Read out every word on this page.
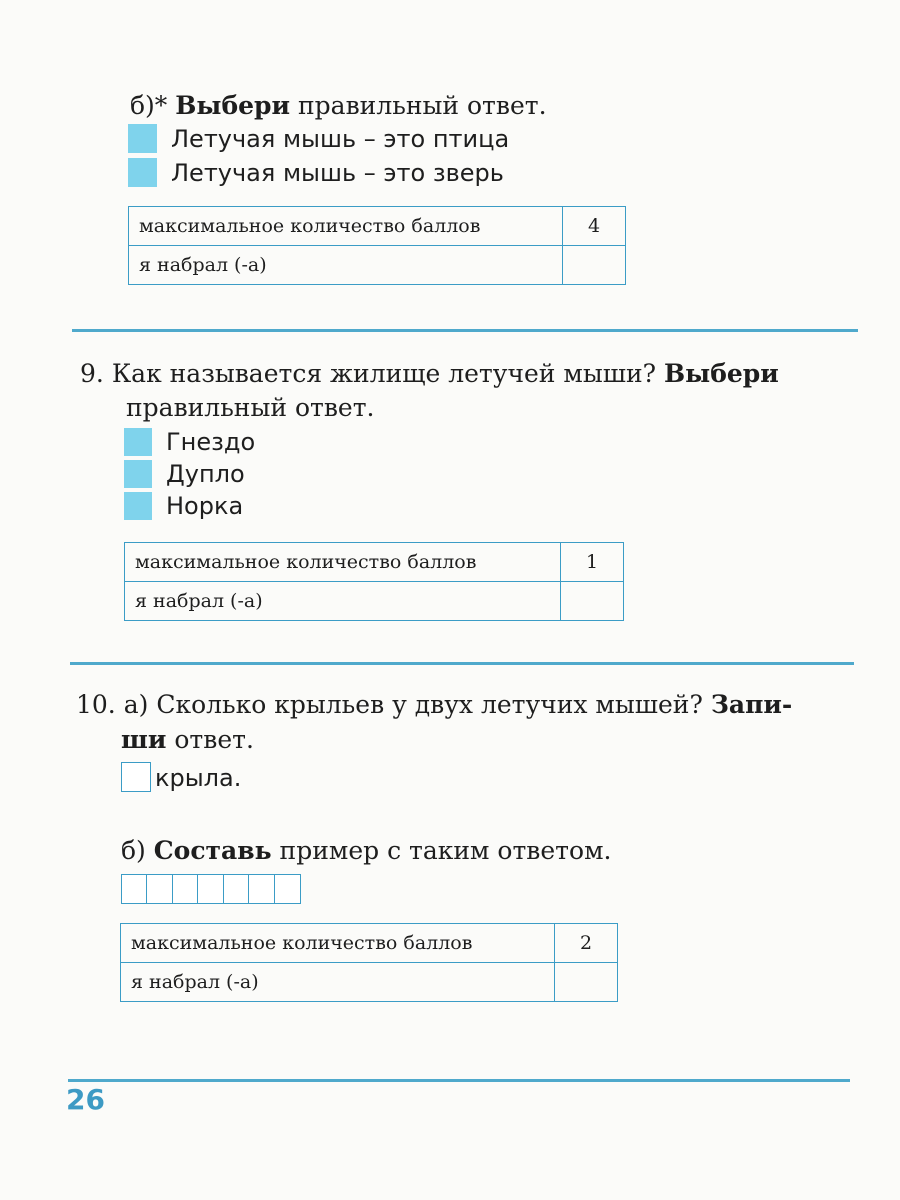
б)* Выбери правильный ответ.
Летучая мышь – это птица
Летучая мышь – это зверь
максимальное количество баллов	4
я набрал (-а)	
9. Как называется жилище летучей мыши? Выбери
правильный ответ.
Гнездо
Дупло
Норка
максимальное количество баллов	1
я набрал (-а)	
10. а) Сколько крыльев у двух летучих мышей? Запи-
ши ответ.
крыла.
б) Составь пример с таким ответом.
максимальное количество баллов	2
я набрал (-а)	
26
